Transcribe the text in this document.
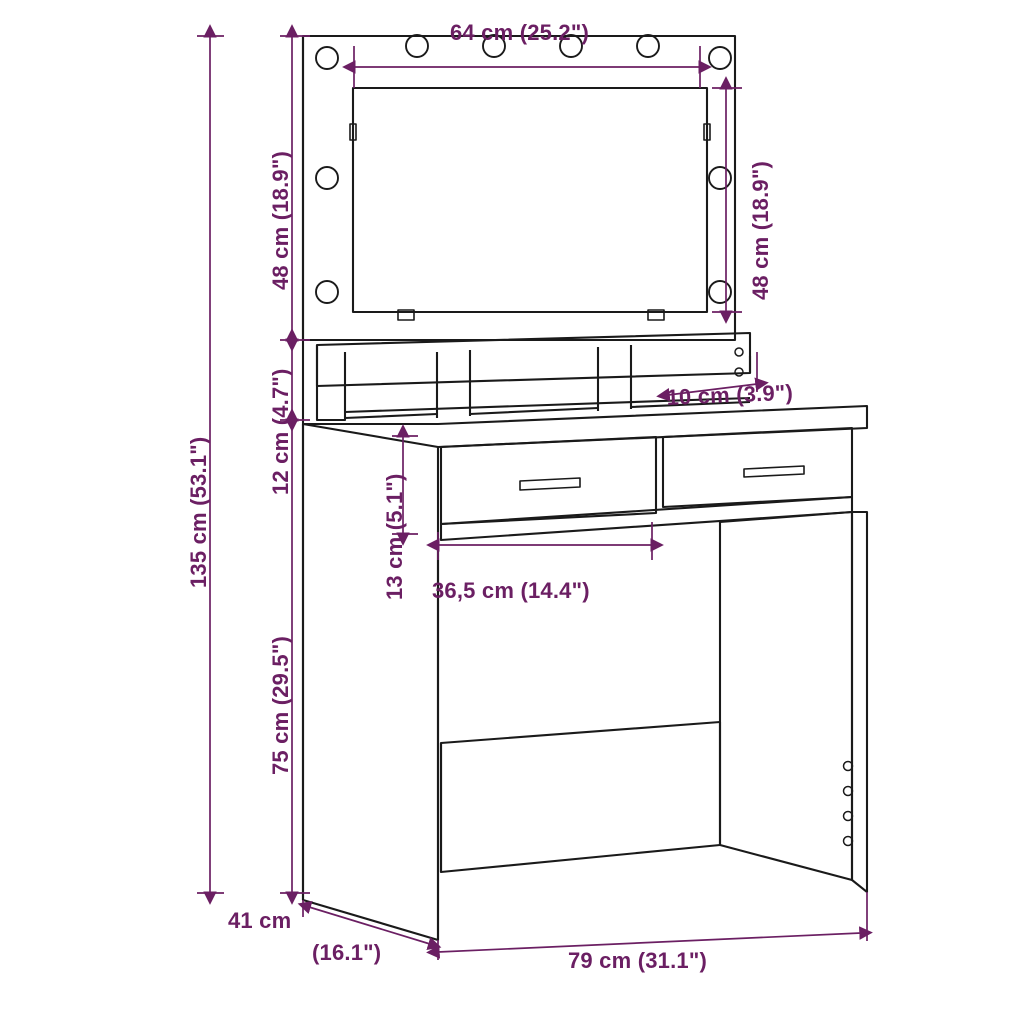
64 cm (25.2")
48 cm (18.9")
48 cm (18.9")
12 cm (4.7")	10 cm (3.9")
13 cm (5.1")
36,5 cm (14.4")
135 cm (53.1")
75 cm (29.5")
41 cm
(16.1")	79 cm (31.1")
